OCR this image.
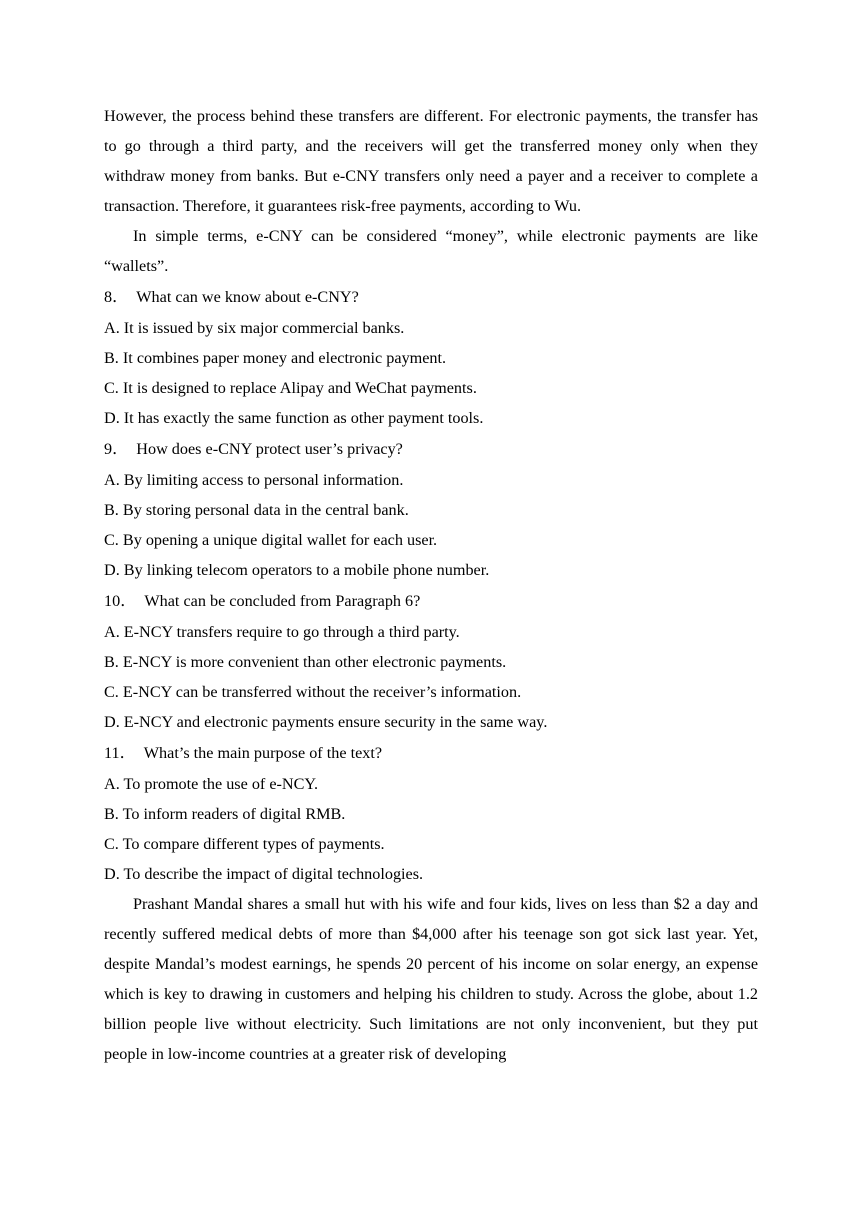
However, the process behind these transfers are different. For electronic payments, the transfer has to go through a third party, and the receivers will get the transferred money only when they withdraw money from banks. But e-CNY transfers only need a payer and a receiver to complete a transaction. Therefore, it guarantees risk-free payments, according to Wu.

In simple terms, e-CNY can be considered “money”, while electronic payments are like “wallets”.

8． What can we know about e-CNY?

A. It is issued by six major commercial banks.

B. It combines paper money and electronic payment.

C. It is designed to replace Alipay and WeChat payments.

D. It has exactly the same function as other payment tools.

9． How does e-CNY protect user’s privacy?

A. By limiting access to personal information.

B. By storing personal data in the central bank.

C. By opening a unique digital wallet for each user.

D. By linking telecom operators to a mobile phone number.

10． What can be concluded from Paragraph 6?

A. E-NCY transfers require to go through a third party.

B. E-NCY is more convenient than other electronic payments.

C. E-NCY can be transferred without the receiver’s information.

D. E-NCY and electronic payments ensure security in the same way.

11． What’s the main purpose of the text?

A. To promote the use of e-NCY.

B. To inform readers of digital RMB.

C. To compare different types of payments.

D. To describe the impact of digital technologies.

Prashant Mandal shares a small hut with his wife and four kids, lives on less than $2 a day and recently suffered medical debts of more than $4,000 after his teenage son got sick last year. Yet, despite Mandal’s modest earnings, he spends 20 percent of his income on solar energy, an expense which is key to drawing in customers and helping his children to study. Across the globe, about 1.2 billion people live without electricity. Such limitations are not only inconvenient, but they put people in low-income countries at a greater risk of developing
